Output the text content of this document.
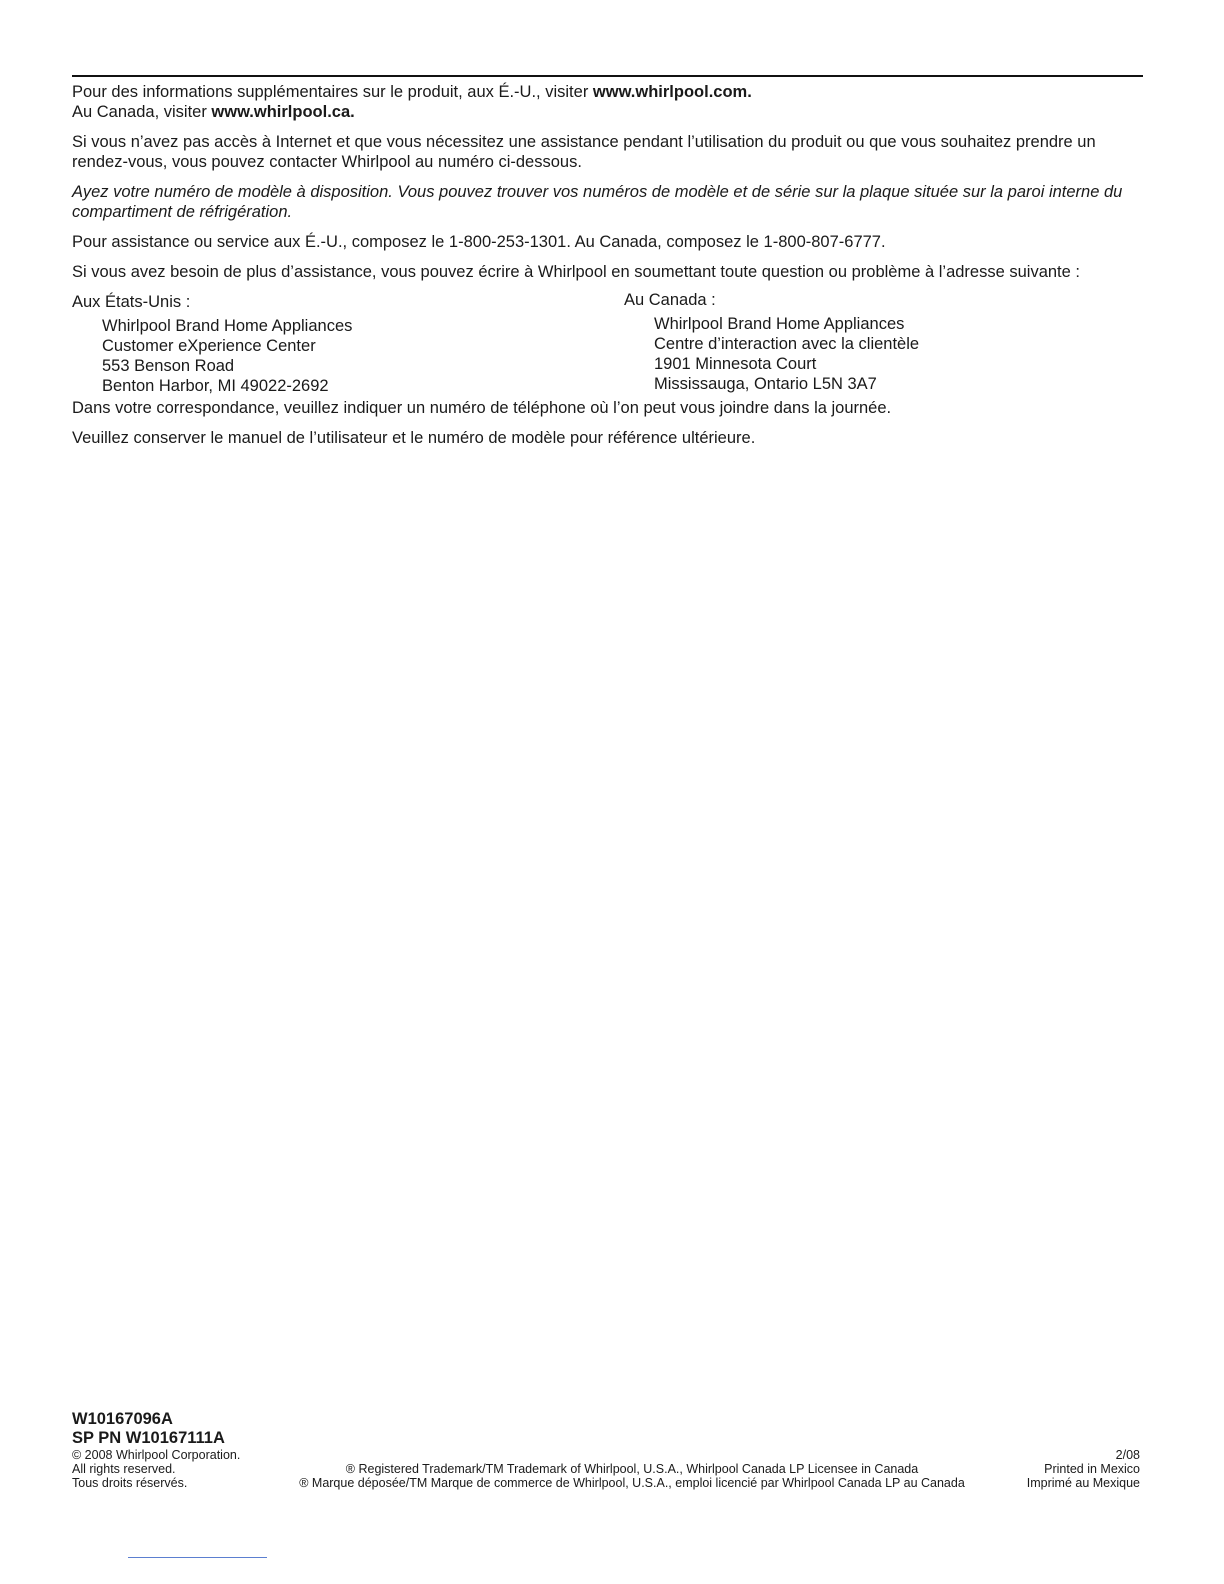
Pour des informations supplémentaires sur le produit, aux É.-U., visiter www.whirlpool.com.
Au Canada, visiter www.whirlpool.ca.

Si vous n’avez pas accès à Internet et que vous nécessitez une assistance pendant l’utilisation du produit ou que vous souhaitez prendre un rendez-vous, vous pouvez contacter Whirlpool au numéro ci-dessous.

Ayez votre numéro de modèle à disposition. Vous pouvez trouver vos numéros de modèle et de série sur la plaque située sur la paroi interne du compartiment de réfrigération.

Pour assistance ou service aux É.-U., composez le 1-800-253-1301. Au Canada, composez le 1-800-807-6777.

Si vous avez besoin de plus d’assistance, vous pouvez écrire à Whirlpool en soumettant toute question ou problème à l’adresse suivante :

Aux États-Unis :
Whirlpool Brand Home Appliances
Customer eXperience Center
553 Benson Road
Benton Harbor, MI 49022-2692
Au Canada :
Whirlpool Brand Home Appliances
Centre d’interaction avec la clientèle
1901 Minnesota Court
Mississauga, Ontario L5N 3A7

Dans votre correspondance, veuillez indiquer un numéro de téléphone où l’on peut vous joindre dans la journée.

Veuillez conserver le manuel de l’utilisateur et le numéro de modèle pour référence ultérieure.

W10167096A
SP PN W10167111A
© 2008 Whirlpool Corporation.
All rights reserved.
Tous droits réservés.
® Registered Trademark/TM Trademark of Whirlpool, U.S.A., Whirlpool Canada LP Licensee in Canada
® Marque déposée/TM Marque de commerce de Whirlpool, U.S.A., emploi licencié par Whirlpool Canada LP au Canada
2/08
Printed in Mexico
Imprimé au Mexique
